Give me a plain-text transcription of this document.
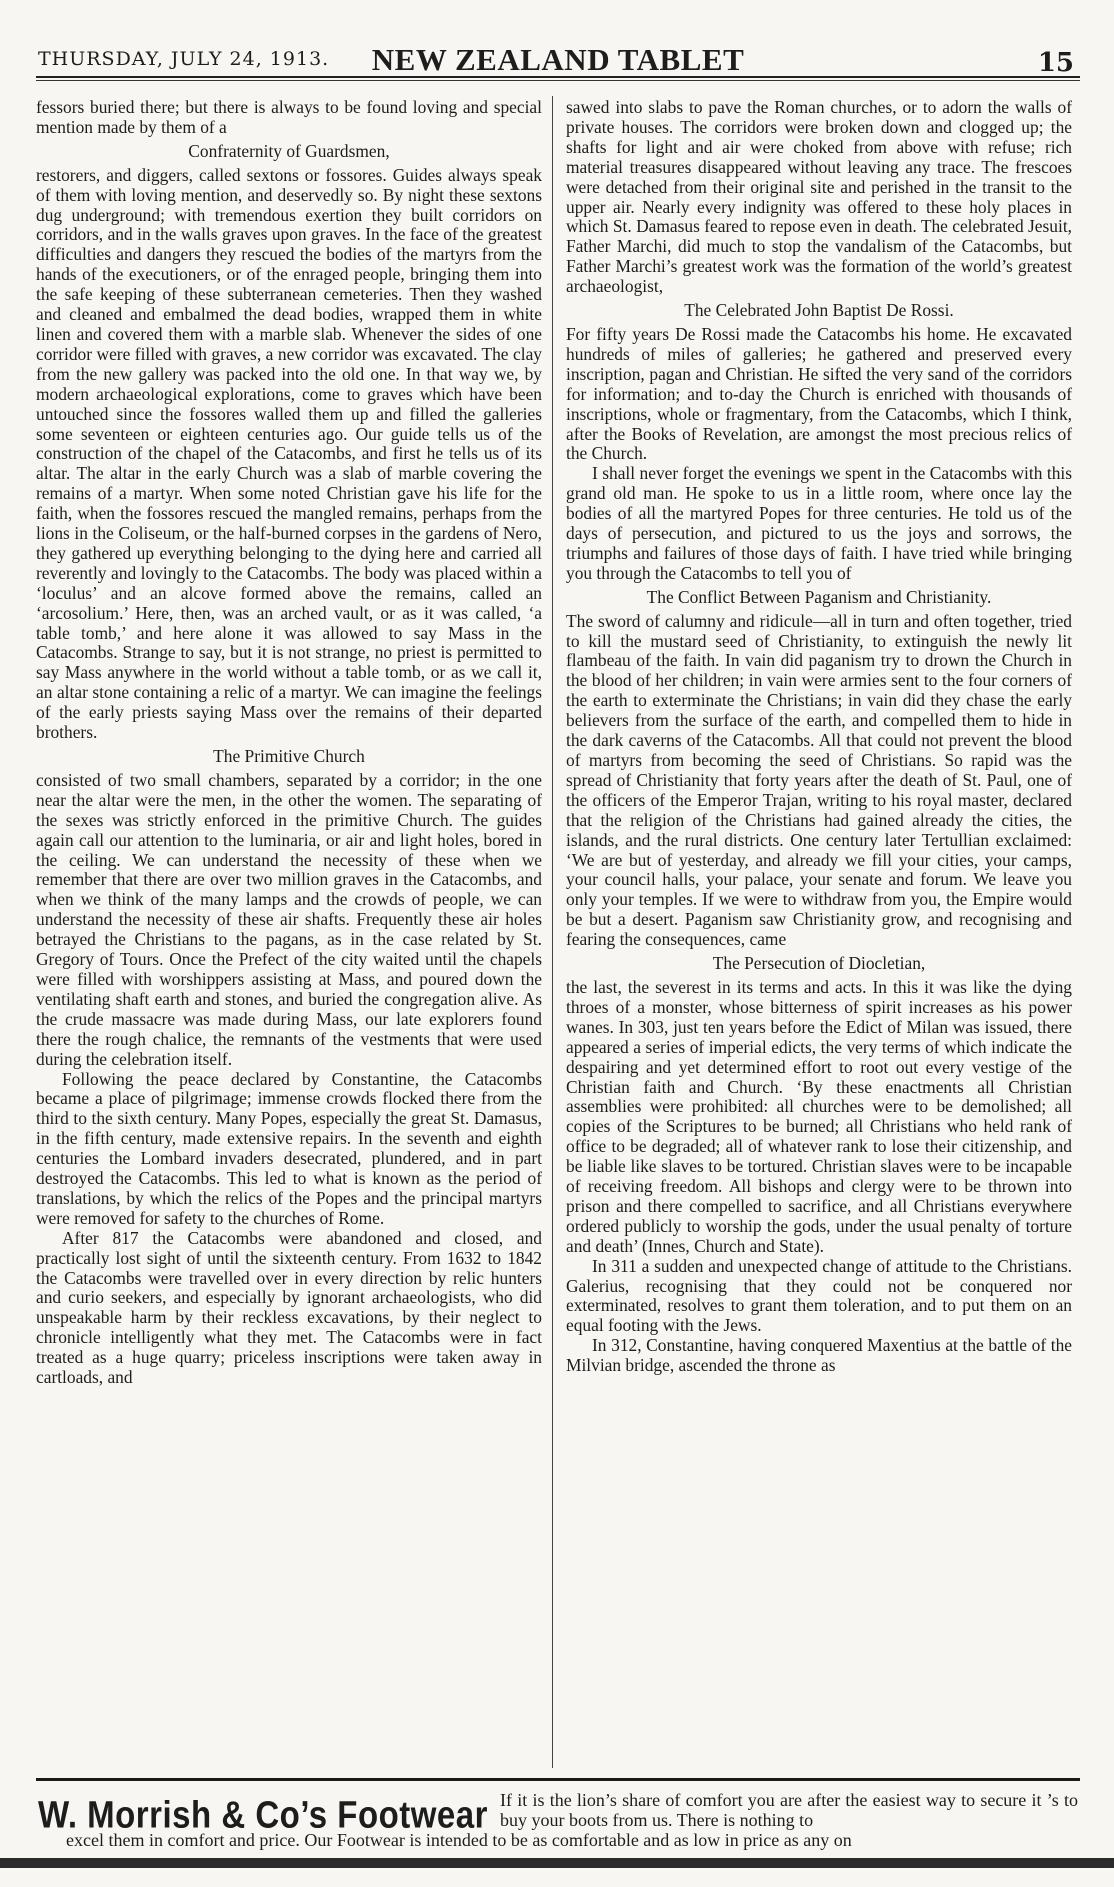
THURSDAY, JULY 24, 1913.	NEW ZEALAND TABLET	15

fessors buried there; but there is always to be found loving and special mention made by them of a

Confraternity of Guardsmen,

restorers, and diggers, called sextons or fossores. Guides always speak of them with loving mention, and deservedly so. By night these sextons dug underground; with tremendous exertion they built corridors on corridors, and in the walls graves upon graves. In the face of the greatest difficulties and dangers they rescued the bodies of the martyrs from the hands of the executioners, or of the enraged people, bringing them into the safe keeping of these subterranean cemeteries. Then they washed and cleaned and embalmed the dead bodies, wrapped them in white linen and covered them with a marble slab. Whenever the sides of one corridor were filled with graves, a new corridor was excavated. The clay from the new gallery was packed into the old one. In that way we, by modern archaeological explorations, come to graves which have been untouched since the fossores walled them up and filled the galleries some seventeen or eighteen centuries ago. Our guide tells us of the construction of the chapel of the Catacombs, and first he tells us of its altar. The altar in the early Church was a slab of marble covering the remains of a martyr. When some noted Christian gave his life for the faith, when the fossores rescued the mangled remains, perhaps from the lions in the Coliseum, or the half-burned corpses in the gardens of Nero, they gathered up everything belonging to the dying here and carried all reverently and lovingly to the Catacombs. The body was placed within a ‘loculus’ and an alcove formed above the remains, called an ‘arcosolium.’ Here, then, was an arched vault, or as it was called, ‘a table tomb,’ and here alone it was allowed to say Mass in the Catacombs. Strange to say, but it is not strange, no priest is permitted to say Mass anywhere in the world without a table tomb, or as we call it, an altar stone containing a relic of a martyr. We can imagine the feelings of the early priests saying Mass over the remains of their departed brothers.

The Primitive Church

consisted of two small chambers, separated by a corridor; in the one near the altar were the men, in the other the women. The separating of the sexes was strictly enforced in the primitive Church. The guides again call our attention to the luminaria, or air and light holes, bored in the ceiling. We can understand the necessity of these when we remember that there are over two million graves in the Catacombs, and when we think of the many lamps and the crowds of people, we can understand the necessity of these air shafts. Frequently these air holes betrayed the Christians to the pagans, as in the case related by St. Gregory of Tours. Once the Prefect of the city waited until the chapels were filled with worshippers assisting at Mass, and poured down the ventilating shaft earth and stones, and buried the congregation alive. As the crude massacre was made during Mass, our late explorers found there the rough chalice, the remnants of the vestments that were used during the celebration itself.

Following the peace declared by Constantine, the Catacombs became a place of pilgrimage; immense crowds flocked there from the third to the sixth century. Many Popes, especially the great St. Damasus, in the fifth century, made extensive repairs. In the seventh and eighth centuries the Lombard invaders desecrated, plundered, and in part destroyed the Catacombs. This led to what is known as the period of translations, by which the relics of the Popes and the principal martyrs were removed for safety to the churches of Rome.

After 817 the Catacombs were abandoned and closed, and practically lost sight of until the sixteenth century. From 1632 to 1842 the Catacombs were travelled over in every direction by relic hunters and curio seekers, and especially by ignorant archaeologists, who did unspeakable harm by their reckless excavations, by their neglect to chronicle intelligently what they met. The Catacombs were in fact treated as a huge quarry; priceless inscriptions were taken away in cartloads, and

sawed into slabs to pave the Roman churches, or to adorn the walls of private houses. The corridors were broken down and clogged up; the shafts for light and air were choked from above with refuse; rich material treasures disappeared without leaving any trace. The frescoes were detached from their original site and perished in the transit to the upper air. Nearly every indignity was offered to these holy places in which St. Damasus feared to repose even in death. The celebrated Jesuit, Father Marchi, did much to stop the vandalism of the Catacombs, but Father Marchi’s greatest work was the formation of the world’s greatest archaeologist,

The Celebrated John Baptist De Rossi.

For fifty years De Rossi made the Catacombs his home. He excavated hundreds of miles of galleries; he gathered and preserved every inscription, pagan and Christian. He sifted the very sand of the corridors for information; and to-day the Church is enriched with thousands of inscriptions, whole or fragmentary, from the Catacombs, which I think, after the Books of Revelation, are amongst the most precious relics of the Church.

I shall never forget the evenings we spent in the Catacombs with this grand old man. He spoke to us in a little room, where once lay the bodies of all the martyred Popes for three centuries. He told us of the days of persecution, and pictured to us the joys and sorrows, the triumphs and failures of those days of faith. I have tried while bringing you through the Catacombs to tell you of

The Conflict Between Paganism and Christianity.

The sword of calumny and ridicule—all in turn and often together, tried to kill the mustard seed of Christianity, to extinguish the newly lit flambeau of the faith. In vain did paganism try to drown the Church in the blood of her children; in vain were armies sent to the four corners of the earth to exterminate the Christians; in vain did they chase the early believers from the surface of the earth, and compelled them to hide in the dark caverns of the Catacombs. All that could not prevent the blood of martyrs from becoming the seed of Christians. So rapid was the spread of Christianity that forty years after the death of St. Paul, one of the officers of the Emperor Trajan, writing to his royal master, declared that the religion of the Christians had gained already the cities, the islands, and the rural districts. One century later Tertullian exclaimed: ‘We are but of yesterday, and already we fill your cities, your camps, your council halls, your palace, your senate and forum. We leave you only your temples. If we were to withdraw from you, the Empire would be but a desert. Paganism saw Christianity grow, and recognising and fearing the consequences, came

The Persecution of Diocletian,

the last, the severest in its terms and acts. In this it was like the dying throes of a monster, whose bitterness of spirit increases as his power wanes. In 303, just ten years before the Edict of Milan was issued, there appeared a series of imperial edicts, the very terms of which indicate the despairing and yet determined effort to root out every vestige of the Christian faith and Church. ‘By these enactments all Christian assemblies were prohibited: all churches were to be demolished; all copies of the Scriptures to be burned; all Christians who held rank of office to be degraded; all of whatever rank to lose their citizenship, and be liable like slaves to be tortured. Christian slaves were to be incapable of receiving freedom. All bishops and clergy were to be thrown into prison and there compelled to sacrifice, and all Christians everywhere ordered publicly to worship the gods, under the usual penalty of torture and death’ (Innes, Church and State).

In 311 a sudden and unexpected change of attitude to the Christians. Galerius, recognising that they could not be conquered nor exterminated, resolves to grant them toleration, and to put them on an equal footing with the Jews.

In 312, Constantine, having conquered Maxentius at the battle of the Milvian bridge, ascended the throne as

W. Morrish & Co’s Footwear If it is the lion’s share of comfort you are after the easiest way to secure it ’s to buy your boots from us. There is nothing to
excel them in comfort and price. Our Footwear is intended to be as comfortable and as low in price as any on
